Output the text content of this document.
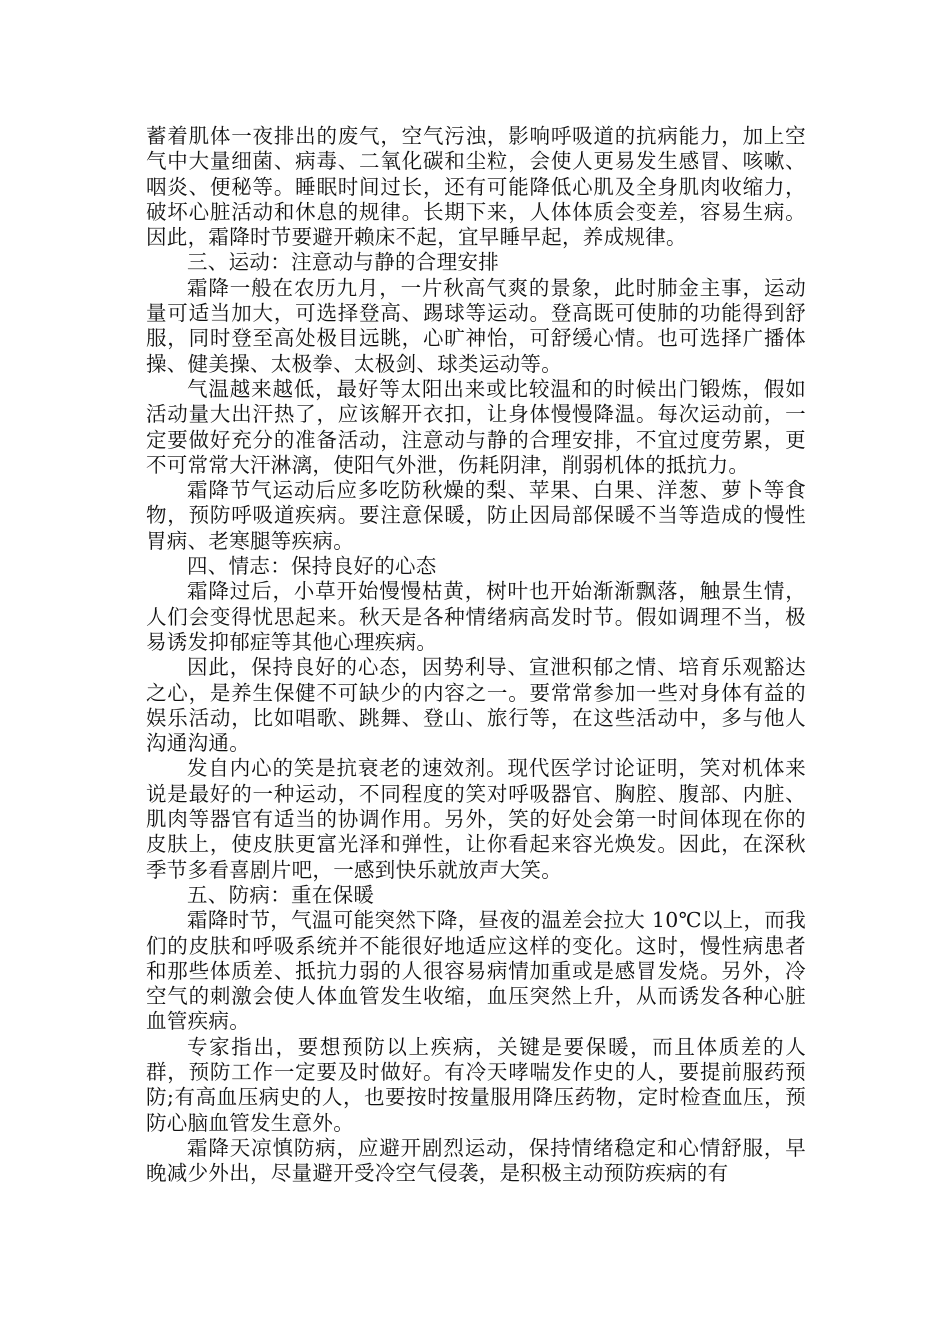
蓄着肌体一夜排出的废气，空气污浊，影响呼吸道的抗病能力，加上空气中大量细菌、病毒、二氧化碳和尘粒，会使人更易发生感冒、咳嗽、咽炎、便秘等。睡眠时间过长，还有可能降低心肌及全身肌肉收缩力，破坏心脏活动和休息的规律。长期下来，人体体质会变差，容易生病。因此，霜降时节要避开赖床不起，宜早睡早起，养成规律。

三、运动：注意动与静的合理安排

霜降一般在农历九月，一片秋高气爽的景象，此时肺金主事，运动量可适当加大，可选择登高、踢球等运动。登高既可使肺的功能得到舒服，同时登至高处极目远眺，心旷神怡，可舒缓心情。也可选择广播体操、健美操、太极拳、太极剑、球类运动等。

气温越来越低，最好等太阳出来或比较温和的时候出门锻炼，假如活动量大出汗热了，应该解开衣扣，让身体慢慢降温。每次运动前，一定要做好充分的准备活动，注意动与静的合理安排，不宜过度劳累，更不可常常大汗淋漓，使阳气外泄，伤耗阴津，削弱机体的抵抗力。

霜降节气运动后应多吃防秋燥的梨、苹果、白果、洋葱、萝卜等食物，预防呼吸道疾病。要注意保暖，防止因局部保暖不当等造成的慢性胃病、老寒腿等疾病。

四、情志：保持良好的心态

霜降过后，小草开始慢慢枯黄，树叶也开始渐渐飘落，触景生情，人们会变得忧思起来。秋天是各种情绪病高发时节。假如调理不当，极易诱发抑郁症等其他心理疾病。

因此，保持良好的心态，因势利导、宣泄积郁之情、培育乐观豁达之心，是养生保健不可缺少的内容之一。要常常参加一些对身体有益的娱乐活动，比如唱歌、跳舞、登山、旅行等，在这些活动中，多与他人沟通沟通。

发自内心的笑是抗衰老的速效剂。现代医学讨论证明，笑对机体来说是最好的一种运动，不同程度的笑对呼吸器官、胸腔、腹部、内脏、肌肉等器官有适当的协调作用。另外，笑的好处会第一时间体现在你的皮肤上，使皮肤更富光泽和弹性，让你看起来容光焕发。因此，在深秋季节多看喜剧片吧，一感到快乐就放声大笑。

五、防病：重在保暖

霜降时节，气温可能突然下降，昼夜的温差会拉大 10℃以上，而我们的皮肤和呼吸系统并不能很好地适应这样的变化。这时，慢性病患者和那些体质差、抵抗力弱的人很容易病情加重或是感冒发烧。另外，冷空气的刺激会使人体血管发生收缩，血压突然上升，从而诱发各种心脏血管疾病。

专家指出，要想预防以上疾病，关键是要保暖，而且体质差的人群，预防工作一定要及时做好。有冷天哮喘发作史的人，要提前服药预防;有高血压病史的人，也要按时按量服用降压药物，定时检查血压，预防心脑血管发生意外。

霜降天凉慎防病，应避开剧烈运动，保持情绪稳定和心情舒服，早晚减少外出，尽量避开受冷空气侵袭，是积极主动预防疾病的有
